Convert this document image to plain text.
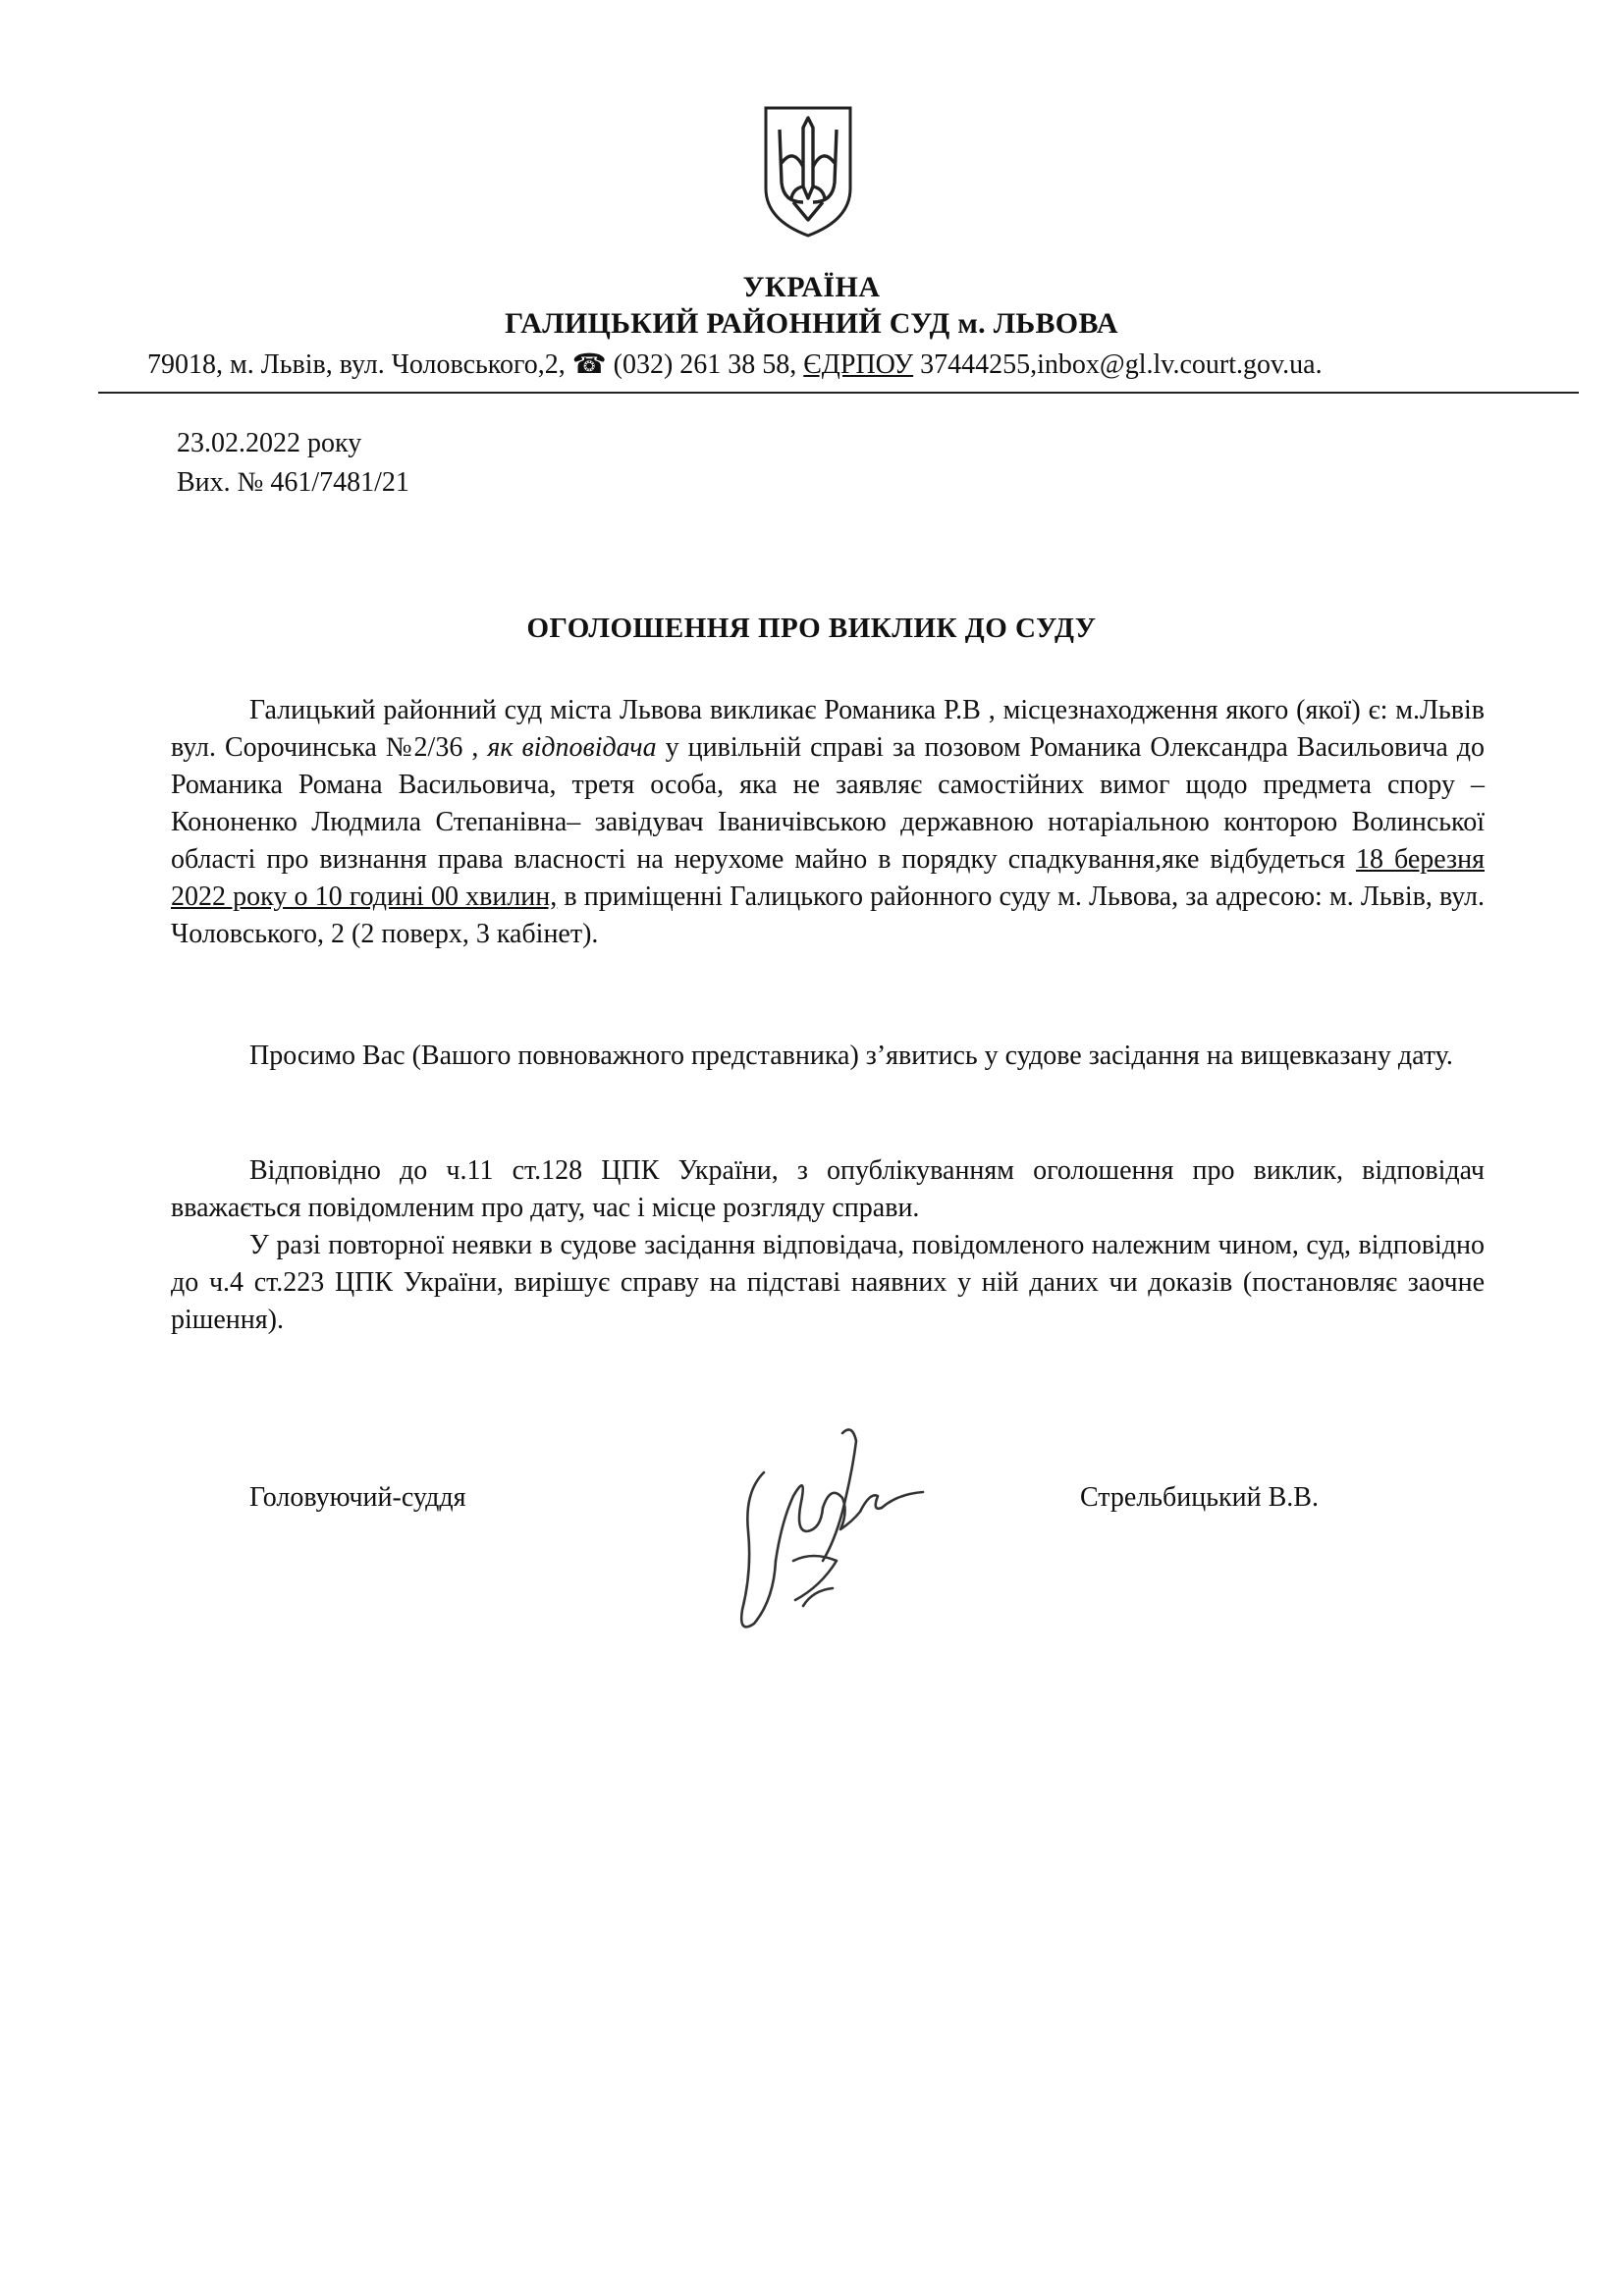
УКРАЇНА
ГАЛИЦЬКИЙ РАЙОННИЙ СУД м. ЛЬВОВА
79018, м. Львів, вул. Чоловського,2, ☎ (032) 261 38 58, ЄДРПОУ 37444255,inbox@gl.lv.court.gov.ua.
23.02.2022 року
Вих. № 461/7481/21
ОГОЛОШЕННЯ ПРО ВИКЛИК ДО СУДУ
Галицький районний суд міста Львова викликає Романика Р.В , місцезнаходження якого (якої) є: м.Львів вул. Сорочинська №2/36 , як відповідача у цивільній справі за позовом Романика Олександра Васильовича до Романика Романа Васильовича, третя особа, яка не заявляє самостійних вимог щодо предмета спору – Кононенко Людмила Степанівна– завідувач Іваничівською державною нотаріальною конторою Волинської області про визнання права власності на нерухоме майно в порядку спадкування,яке відбудеться 18 березня 2022 року о 10 годині 00 хвилин, в приміщенні Галицького районного суду м. Львова, за адресою: м. Львів, вул. Чоловського, 2 (2 поверх, 3 кабінет).
Просимо Вас (Вашого повноважного представника) з’явитись у судове засідання на вищевказану дату.
Відповідно до ч.11 ст.128 ЦПК України, з опублікуванням оголошення про виклик, відповідач вважається повідомленим про дату, час і місце розгляду справи.
У разі повторної неявки в судове засідання відповідача, повідомленого належним чином, суд, відповідно до ч.4 ст.223 ЦПК України, вирішує справу на підставі наявних у ній даних чи доказів (постановляє заочне рішення).
Головуючий-суддя	Стрельбицький В.В.
